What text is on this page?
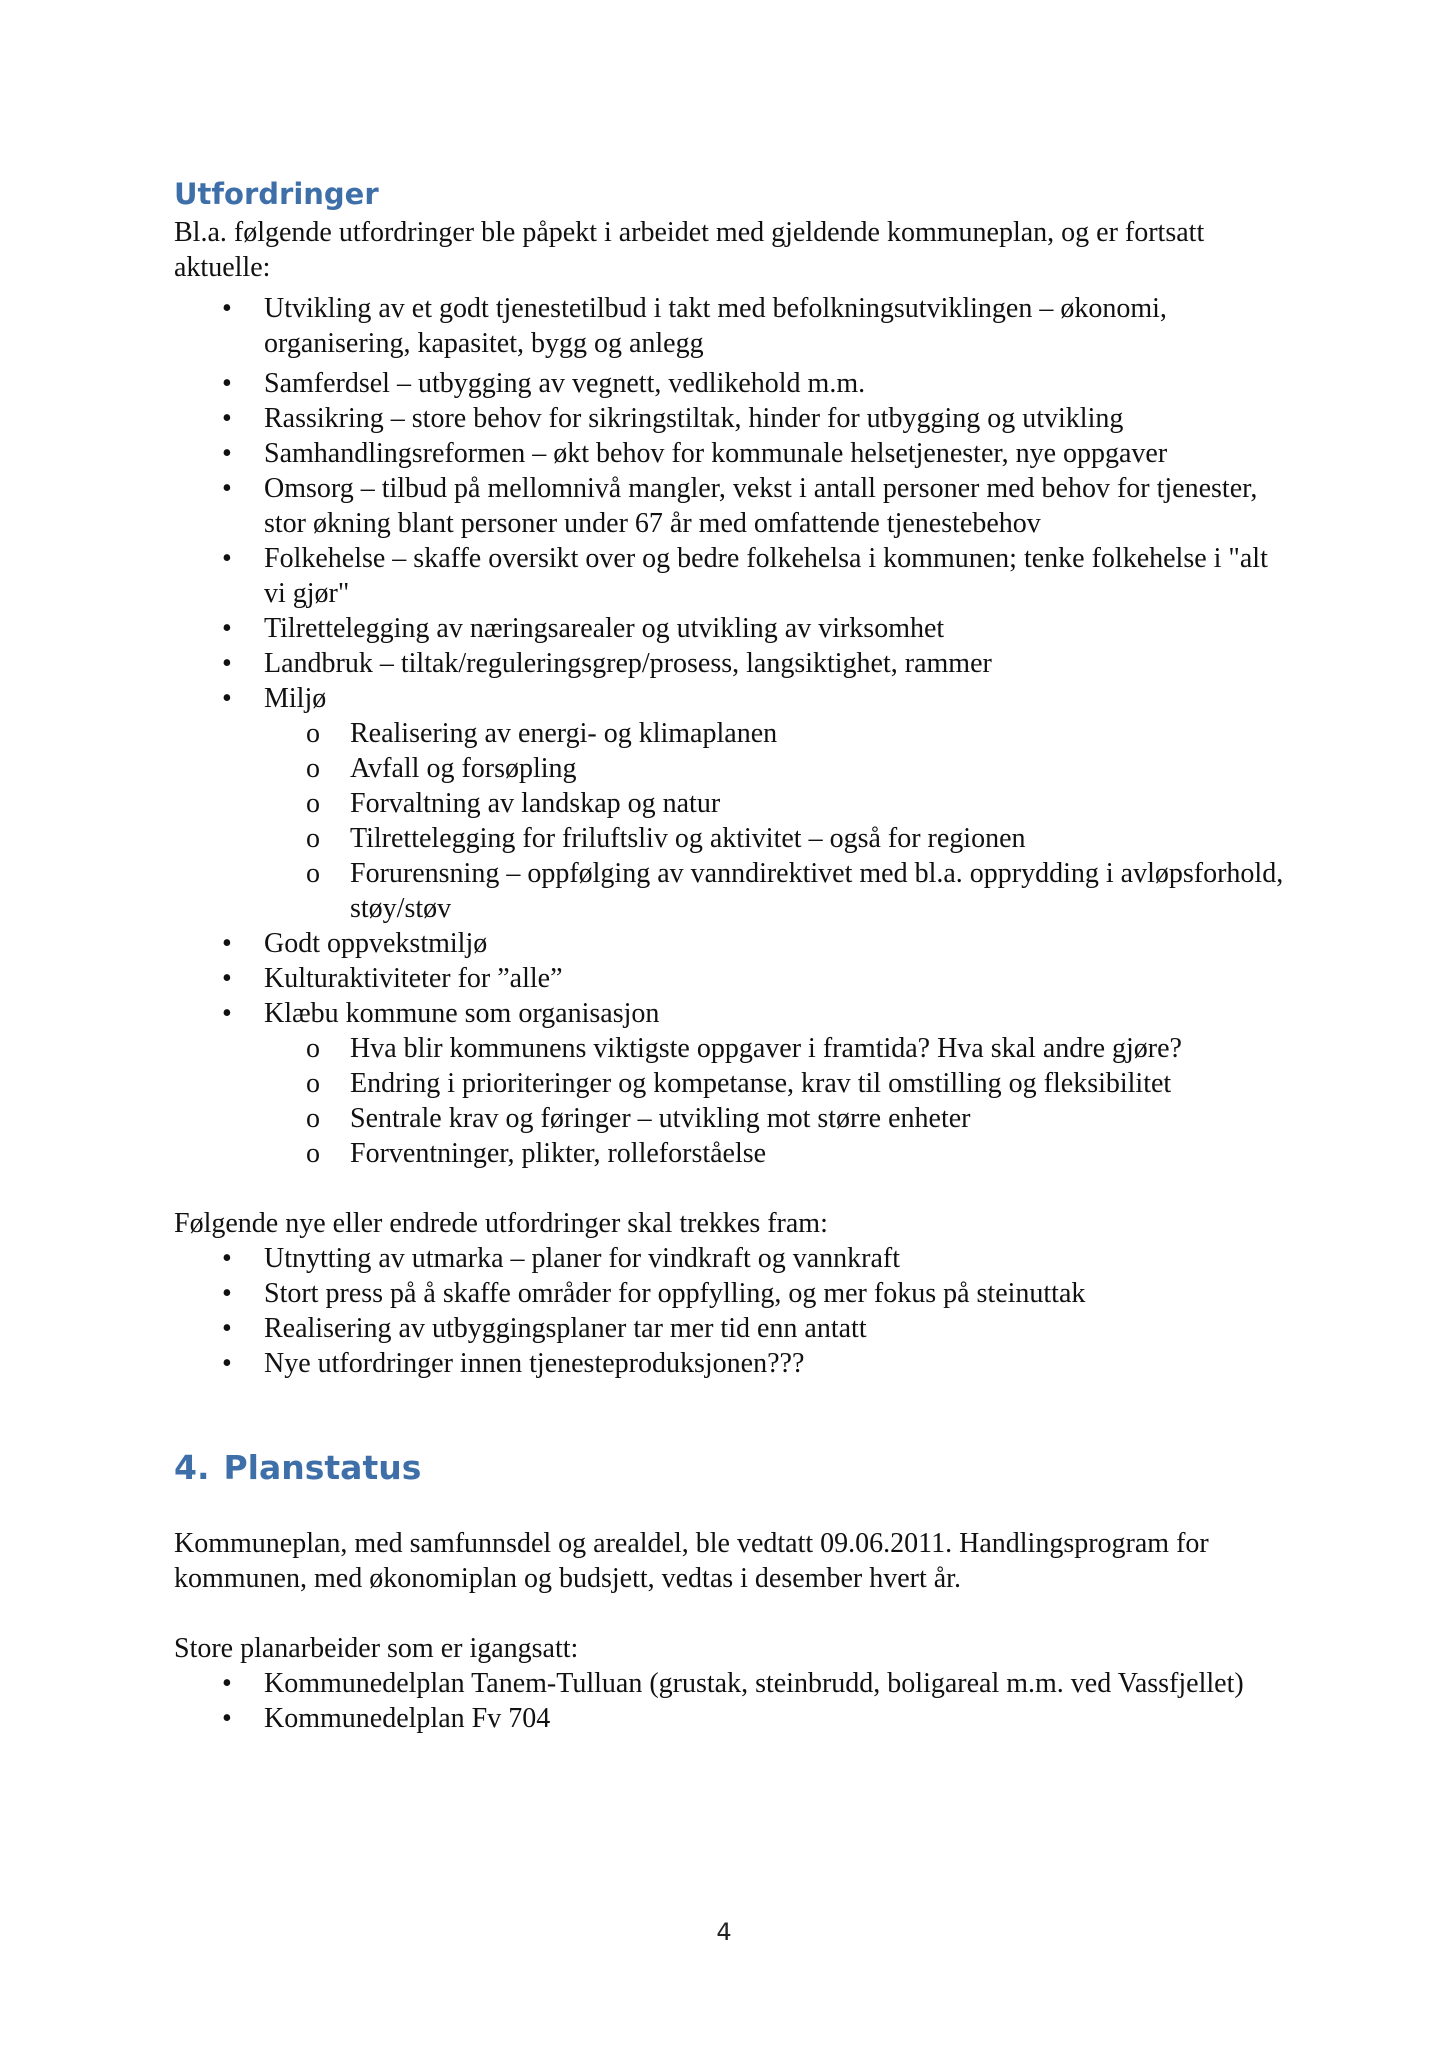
Utfordringer

Bl.a. følgende utfordringer ble påpekt i arbeidet med gjeldende kommuneplan, og er fortsatt aktuelle:

•	Utvikling av et godt tjenestetilbud i takt med befolkningsutviklingen – økonomi, organisering, kapasitet, bygg og anlegg
•	Samferdsel – utbygging av vegnett, vedlikehold m.m.
•	Rassikring – store behov for sikringstiltak, hinder for utbygging og utvikling
•	Samhandlingsreformen – økt behov for kommunale helsetjenester, nye oppgaver
•	Omsorg – tilbud på mellomnivå mangler, vekst i antall personer med behov for tjenester, stor økning blant personer under 67 år med omfattende tjenestebehov
•	Folkehelse – skaffe oversikt over og bedre folkehelsa i kommunen; tenke folkehelse i "alt vi gjør"
•	Tilrettelegging av næringsarealer og utvikling av virksomhet
•	Landbruk – tiltak/reguleringsgrep/prosess, langsiktighet, rammer
•	Miljø
o	Realisering av energi- og klimaplanen
o	Avfall og forsøpling
o	Forvaltning av landskap og natur
o	Tilrettelegging for friluftsliv og aktivitet – også for regionen
o	Forurensning – oppfølging av vanndirektivet med bl.a. opprydding i avløpsforhold, støy/støv
•	Godt oppvekstmiljø
•	Kulturaktiviteter for ”alle”
•	Klæbu kommune som organisasjon
o	Hva blir kommunens viktigste oppgaver i framtida? Hva skal andre gjøre?
o	Endring i prioriteringer og kompetanse, krav til omstilling og fleksibilitet
o	Sentrale krav og føringer – utvikling mot større enheter
o	Forventninger, plikter, rolleforståelse

Følgende nye eller endrede utfordringer skal trekkes fram:

•	Utnytting av utmarka – planer for vindkraft og vannkraft
•	Stort press på å skaffe områder for oppfylling, og mer fokus på steinuttak
•	Realisering av utbyggingsplaner tar mer tid enn antatt
•	Nye utfordringer innen tjenesteproduksjonen???
4. Planstatus

Kommuneplan, med samfunnsdel og arealdel, ble vedtatt 09.06.2011. Handlingsprogram for kommunen, med økonomiplan og budsjett, vedtas i desember hvert år.

Store planarbeider som er igangsatt:

•	Kommunedelplan Tanem-Tulluan (grustak, steinbrudd, boligareal m.m. ved Vassfjellet)
•	Kommunedelplan Fv 704
4
